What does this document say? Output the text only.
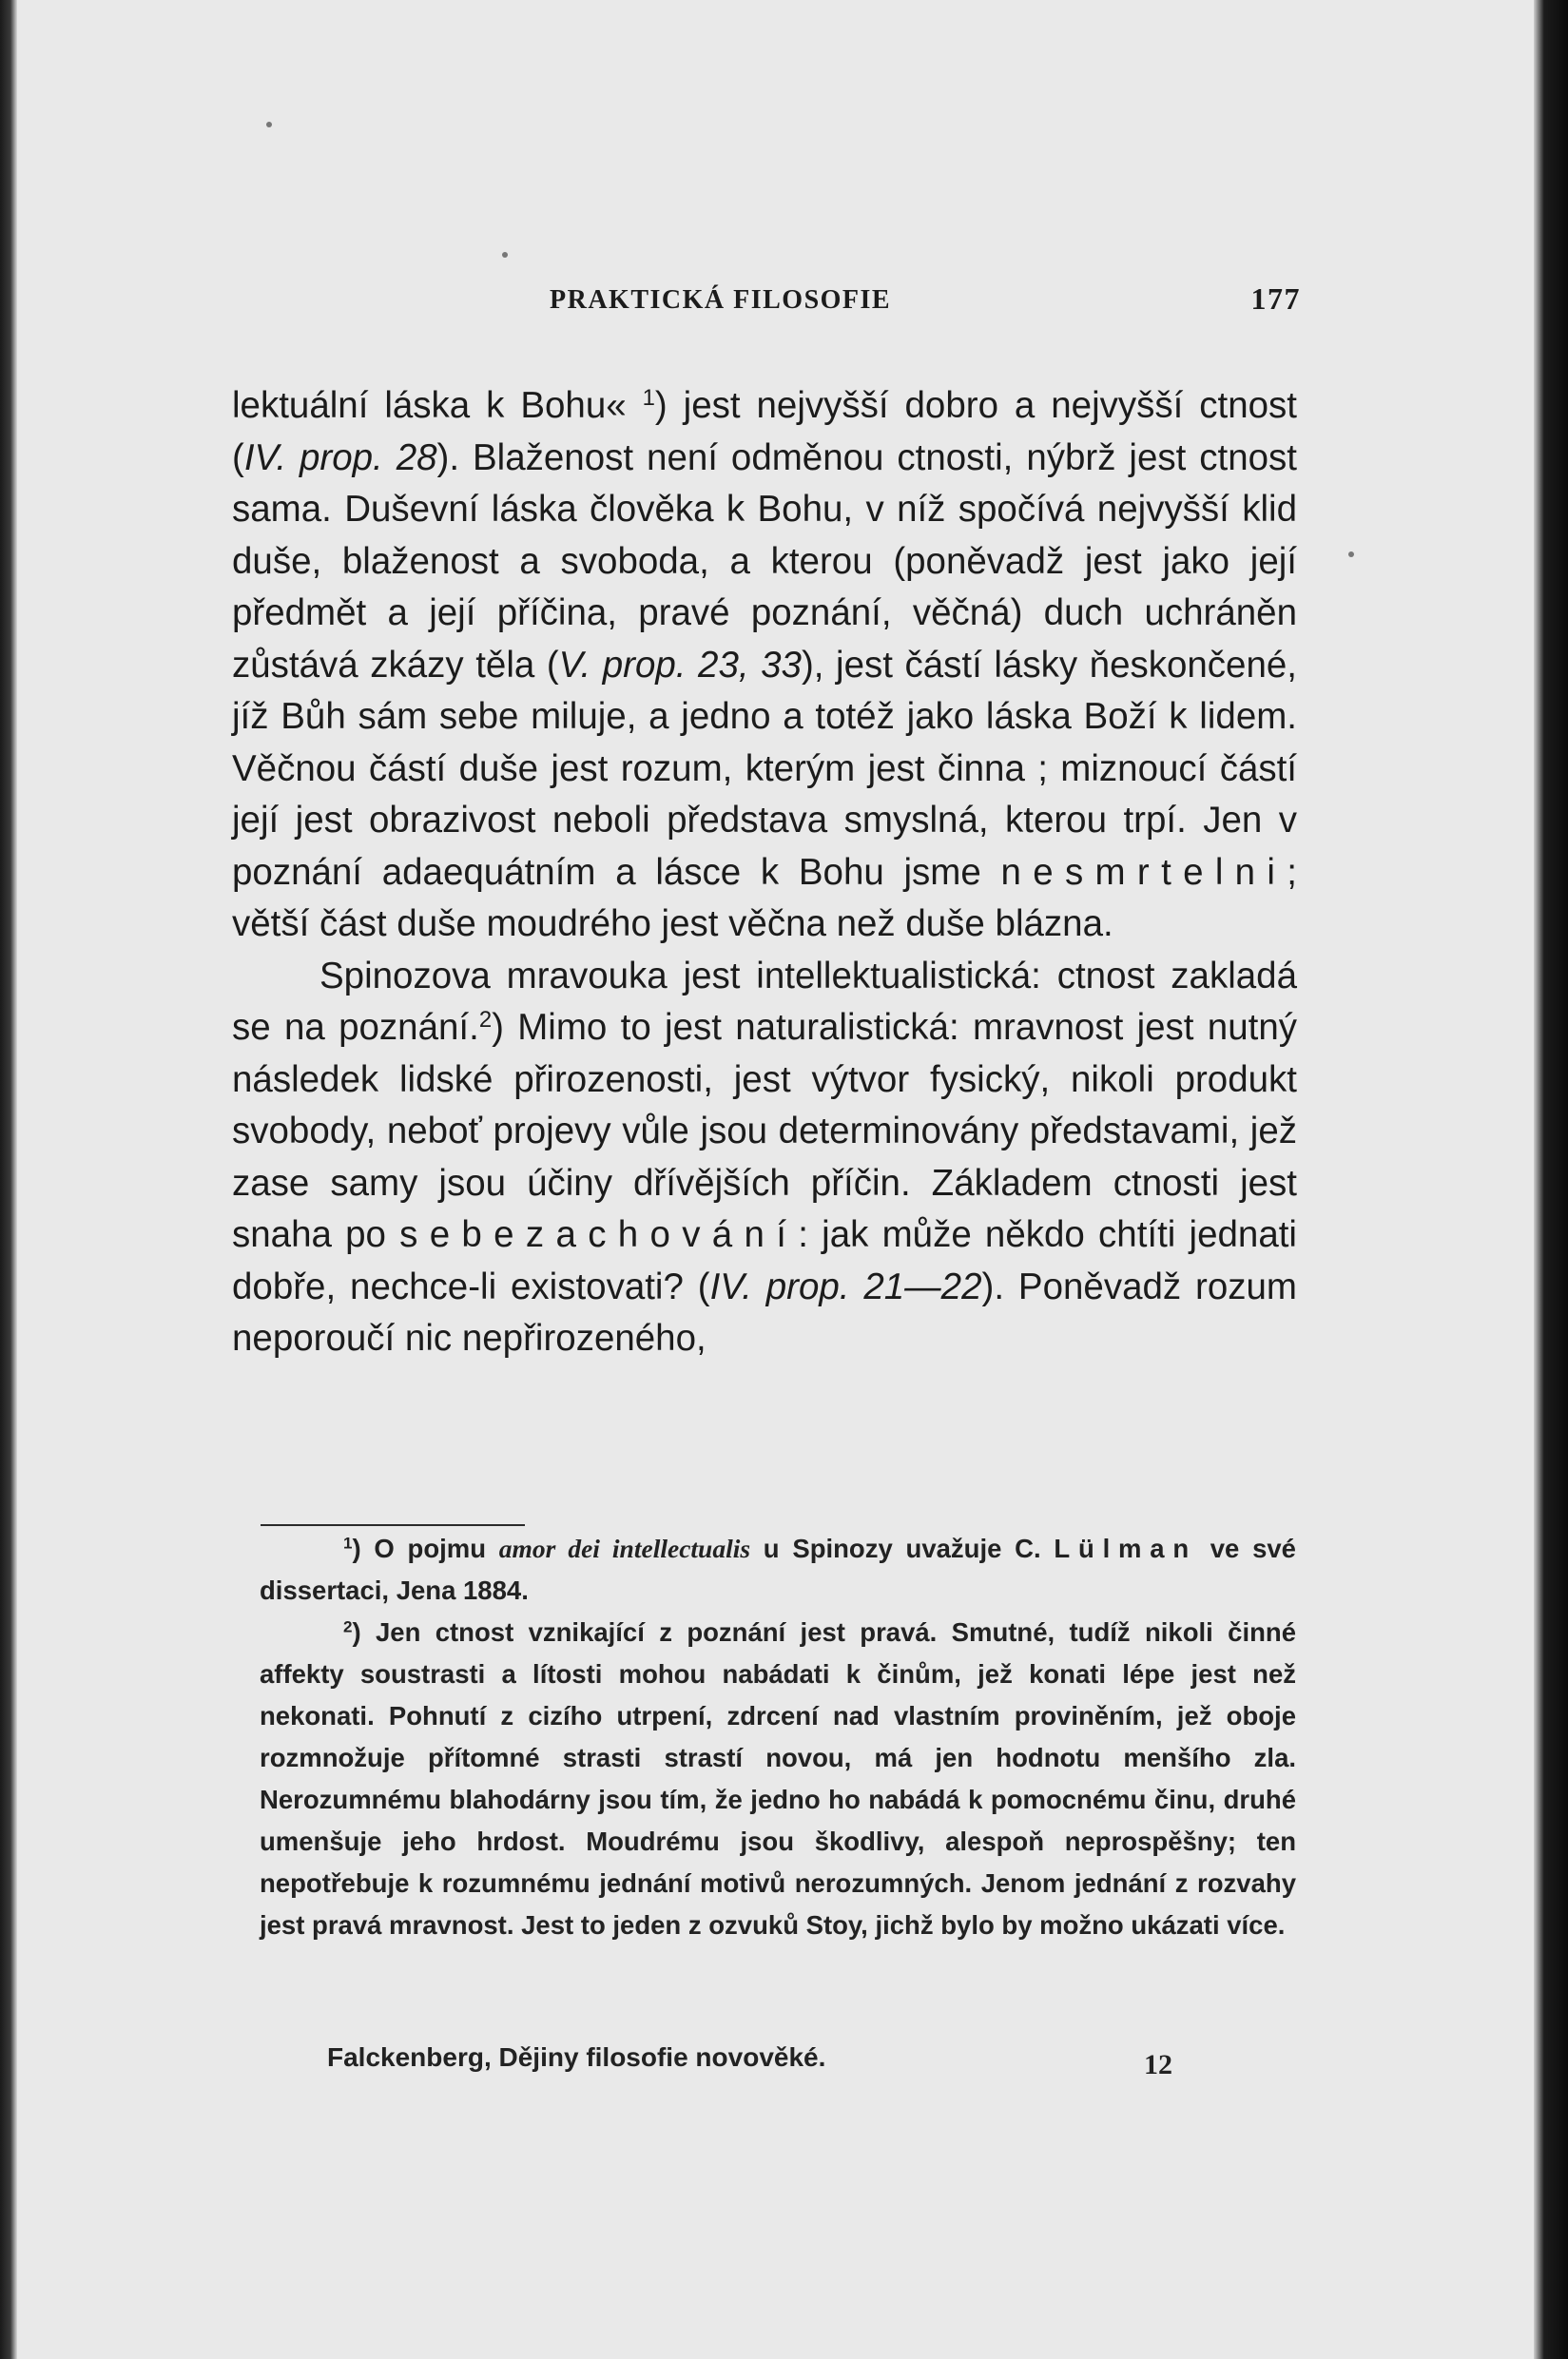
PRAKTICKÁ FILOSOFIE	177

lektuální láska k Bohu« $^1$) jest nejvyšší dobro a nejvyšší ctnost (IV. prop. 28). Blaženost není odměnou ctnosti, nýbrž jest ctnost sama. Duševní láska člověka k Bohu, v níž spočívá nejvyšší klid duše, blaženost a svoboda, a kterou (poněvadž jest jako její předmět a její příčina, pravé poznání, věčná) duch uchráněn zůstává zkázy těla (V. prop. 23, 33), jest částí lásky ňeskončené, jíž Bůh sám sebe miluje, a jedno a totéž jako láska Boží k lidem. Věčnou částí duše jest rozum, kterým jest činna ; miznoucí částí její jest obrazivost neboli představa smyslná, kterou trpí. Jen v poznání adaequátním a lásce k Bohu jsme nesmrtelni; větší část duše moudrého jest věčna než duše blázna.

Spinozova mravouka jest intellektualistická: ctnost zakladá se na poznání.$^2$) Mimo to jest naturalistická: mravnost jest nutný následek lidské přirozenosti, jest výtvor fysický, nikoli produkt svobody, neboť projevy vůle jsou determinovány představami, jež zase samy jsou účiny dřívějších příčin. Základem ctnosti jest snaha po sebezachování: jak může někdo chtíti jednati dobře, nechce-li existovati? (IV. prop. 21—22). Poněvadž rozum neporoučí nic nepřirozeného,

$^1$) O pojmu amor dei intellectualis u Spinozy uvažuje C. Lülman ve své dissertaci, Jena 1884.

$^2$) Jen ctnost vznikající z poznání jest pravá. Smutné, tudíž nikoli činné affekty soustrasti a lítosti mohou nabádati k činům, jež konati lépe jest než nekonati. Pohnutí z cizího utrpení, zdrcení nad vlastním proviněním, jež oboje rozmnožuje přítomné strasti strastí novou, má jen hodnotu menšího zla. Nerozumnému blahodárny jsou tím, že jedno ho nabádá k pomocnému činu, druhé umenšuje jeho hrdost. Moudrému jsou škodlivy, alespoň neprospěšny; ten nepotřebuje k rozumnému jednání motivů nerozumných. Jenom jednání z rozvahy jest pravá mravnost. Jest to jeden z ozvuků Stoy, jichž bylo by možno ukázati více.

Falckenberg, Dějiny filosofie novověké.	12
